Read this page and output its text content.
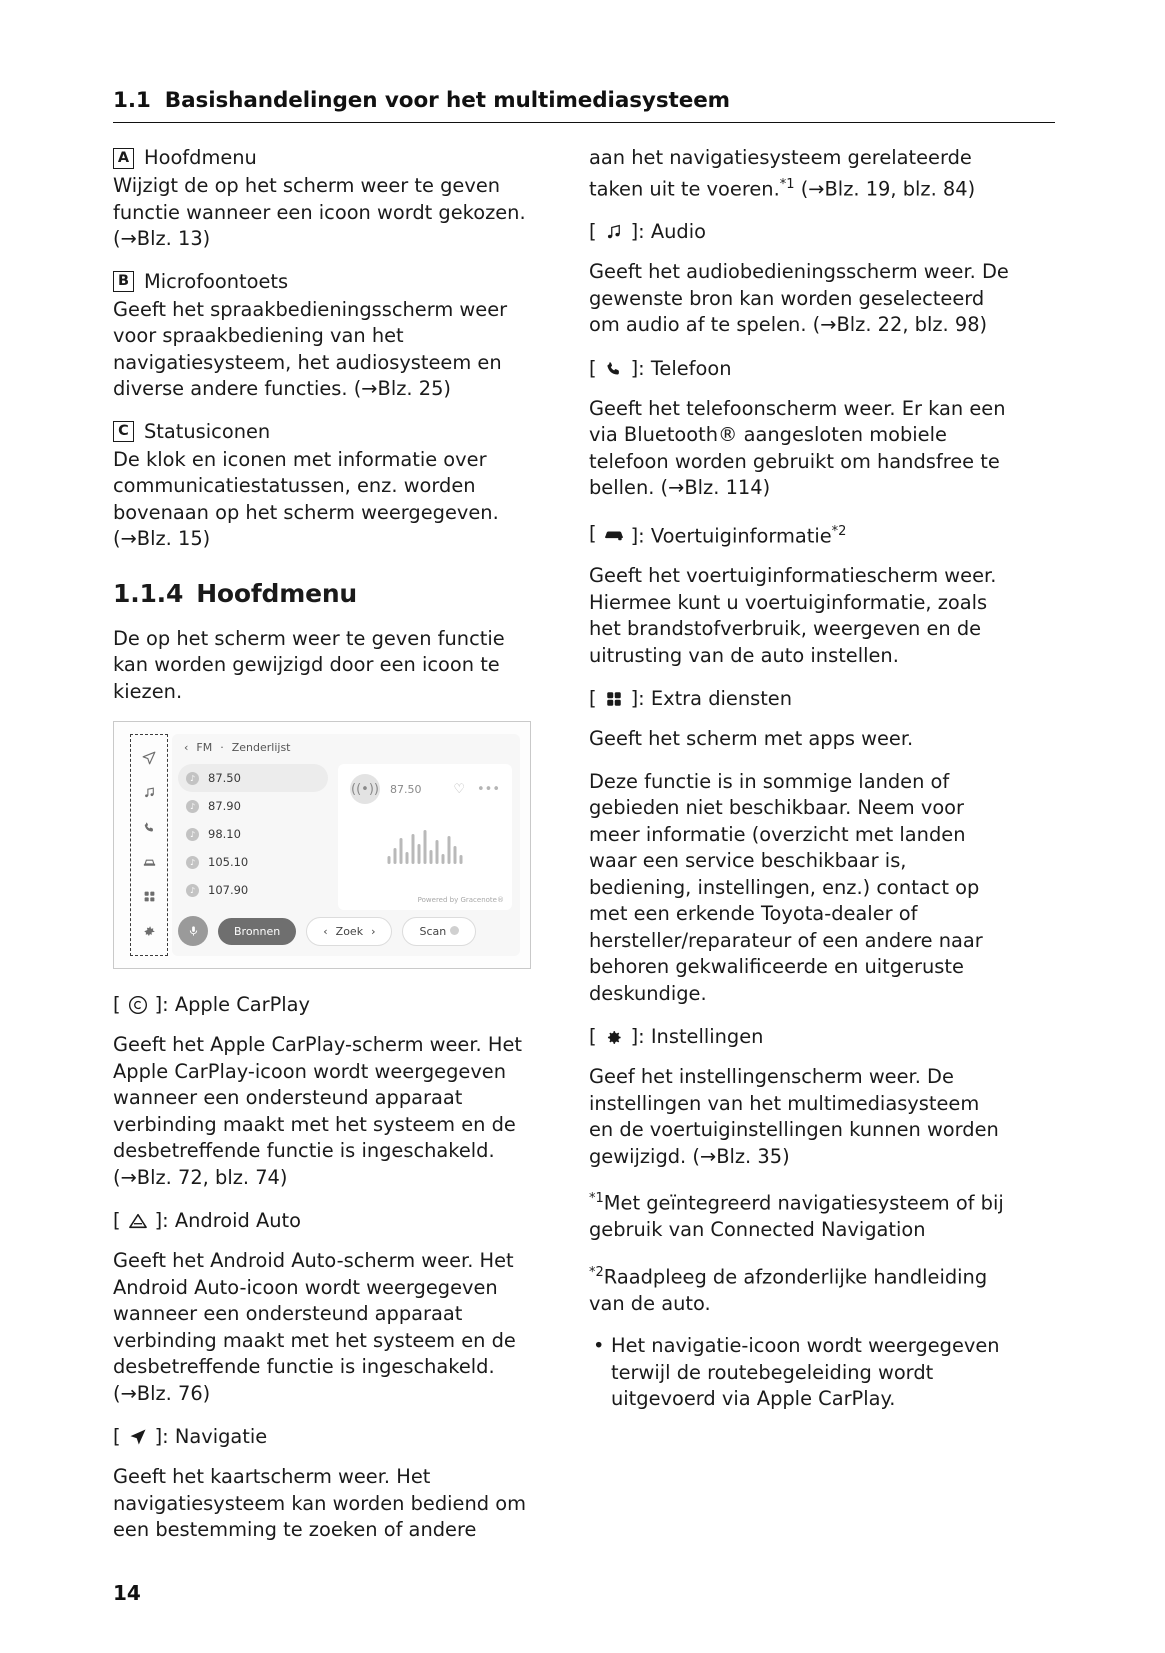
1.1 Basishandelingen voor het multimediasysteem
A Hoofdmenu

Wijzigt de op het scherm weer te geven functie wanneer een icoon wordt gekozen. (→Blz. 13)

B Microfoontoets

Geeft het spraakbedieningsscherm weer voor spraakbediening van het navigatiesysteem, het audiosysteem en diverse andere functies. (→Blz. 25)

C Statusiconen

De klok en iconen met informatie over communicatiestatussen, enz. worden bovenaan op het scherm weergegeven. (→Blz. 15)

1.1.4 Hoofdmenu

De op het scherm weer te geven functie kan worden gewijzigd door een icoon te kiezen.

‹ FM · Zenderlijst
♪	87.50
♪	87.90
♪	98.10
♪	105.10
♪	107.90
((•)) 87.50 ♡ •••
Powered by Gracenote®
Bronnen	‹ Zoek ›	Scan
[ ]: Apple CarPlay

Geeft het Apple CarPlay-scherm weer. Het Apple CarPlay-icoon wordt weergegeven wanneer een ondersteund apparaat verbinding maakt met het systeem en de desbetreffende functie is ingeschakeld. (→Blz. 72, blz. 74)

[ ]: Android Auto

Geeft het Android Auto-scherm weer. Het Android Auto-icoon wordt weergegeven wanneer een ondersteund apparaat verbinding maakt met het systeem en de desbetreffende functie is ingeschakeld. (→Blz. 76)

[ ]: Navigatie

Geeft het kaartscherm weer. Het navigatiesysteem kan worden bediend om een bestemming te zoeken of andere

aan het navigatiesysteem gerelateerde taken uit te voeren.$^{*1}$ (→Blz. 19, blz. 84)

[ ]: Audio

Geeft het audiobedieningsscherm weer. De gewenste bron kan worden geselecteerd om audio af te spelen. (→Blz. 22, blz. 98)

[ ]: Telefoon

Geeft het telefoonscherm weer. Er kan een via Bluetooth® aangesloten mobiele telefoon worden gebruikt om handsfree te bellen. (→Blz. 114)

[ ]: Voertuiginformatie$^{*2}$

Geeft het voertuiginformatiescherm weer. Hiermee kunt u voertuiginformatie, zoals het brandstofverbruik, weergeven en de uitrusting van de auto instellen.

[ ]: Extra diensten

Geeft het scherm met apps weer.

Deze functie is in sommige landen of gebieden niet beschikbaar. Neem voor meer informatie (overzicht met landen waar een service beschikbaar is, bediening, instellingen, enz.) contact op met een erkende Toyota-dealer of hersteller/reparateur of een andere naar behoren gekwalificeerde en uitgeruste deskundige.

[ ]: Instellingen

Geef het instellingenscherm weer. De instellingen van het multimediasysteem en de voertuiginstellingen kunnen worden gewijzigd. (→Blz. 35)

$^{*1}$Met geïntegreerd navigatiesysteem of bij gebruik van Connected Navigation

$^{*2}$Raadpleeg de afzonderlijke handleiding van de auto.

• Het navigatie-icoon wordt weergegeven terwijl de routebegeleiding wordt uitgevoerd via Apple CarPlay.
14
